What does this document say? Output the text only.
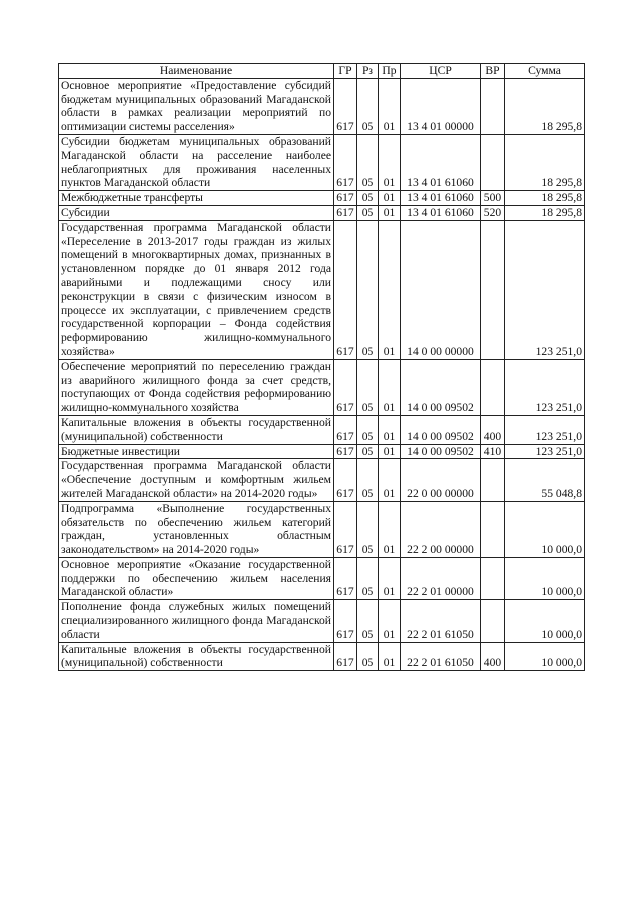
Наименование	ГР	Рз	Пр	ЦСР	ВР	Сумма
Основное мероприятие «Предоставление субсидий бюджетам муниципальных образований Магаданской области в рамках реализации мероприятий по оптимизации системы расселения»	617	05	01	13 4 01 00000		18 295,8
Субсидии бюджетам муниципальных образований Магаданской области на расселение наиболее неблагоприятных для проживания населенных пунктов Магаданской области	617	05	01	13 4 01 61060		18 295,8
Межбюджетные трансферты	617	05	01	13 4 01 61060	500	18 295,8
Субсидии	617	05	01	13 4 01 61060	520	18 295,8
Государственная программа Магаданской области «Переселение в 2013-2017 годы граждан из жилых помещений в многоквартирных домах, признанных в установленном порядке до 01 января 2012 года аварийными и подлежащими сносу или реконструкции в связи с физическим износом в процессе их эксплуатации, с привлечением средств государственной корпорации – Фонда содействия реформированию жилищно-коммунального хозяйства»	617	05	01	14 0 00 00000		123 251,0
Обеспечение мероприятий по переселению граждан из аварийного жилищного фонда за счет средств, поступающих от Фонда содействия реформированию жилищно-коммунального хозяйства	617	05	01	14 0 00 09502		123 251,0
Капитальные вложения в объекты государственной (муниципальной) собственности	617	05	01	14 0 00 09502	400	123 251,0
Бюджетные инвестиции	617	05	01	14 0 00 09502	410	123 251,0
Государственная программа Магаданской области «Обеспечение доступным и комфортным жильем жителей Магаданской области» на 2014-2020 годы»	617	05	01	22 0 00 00000		55 048,8
Подпрограмма «Выполнение государственных обязательств по обеспечению жильем категорий граждан, установленных областным законодательством» на 2014-2020 годы»	617	05	01	22 2 00 00000		10 000,0
Основное мероприятие «Оказание государственной поддержки по обеспечению жильем населения Магаданской области»	617	05	01	22 2 01 00000		10 000,0
Пополнение фонда служебных жилых помещений специализированного жилищного фонда Магаданской области	617	05	01	22 2 01 61050		10 000,0
Капитальные вложения в объекты государственной (муниципальной) собственности	617	05	01	22 2 01 61050	400	10 000,0
